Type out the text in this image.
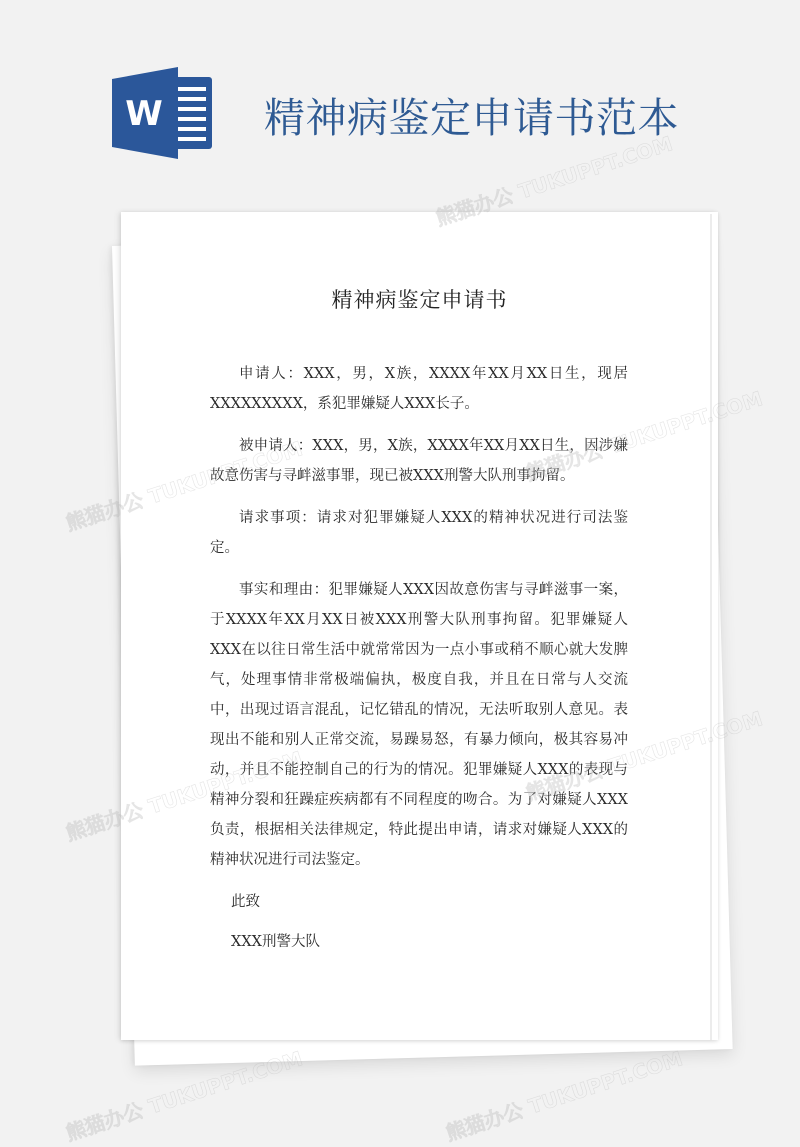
W 精神病鉴定申请书范本
精神病鉴定申请书

申请人：XXX，男，X族，XXXX年XX月XX日生，现居XXXXXXXXX，系犯罪嫌疑人XXX长子。

被申请人：XXX，男，X族，XXXX年XX月XX日生，因涉嫌故意伤害与寻衅滋事罪，现已被XXX刑警大队刑事拘留。

请求事项：请求对犯罪嫌疑人XXX的精神状况进行司法鉴定。

事实和理由：犯罪嫌疑人XXX因故意伤害与寻衅滋事一案，于XXXX年XX月XX日被XXX刑警大队刑事拘留。犯罪嫌疑人XXX在以往日常生活中就常常因为一点小事或稍不顺心就大发脾气，处理事情非常极端偏执，极度自我，并且在日常与人交流中，出现过语言混乱，记忆错乱的情况，无法听取别人意见。表现出不能和别人正常交流，易躁易怒，有暴力倾向，极其容易冲动，并且不能控制自己的行为的情况。犯罪嫌疑人XXX的表现与精神分裂和狂躁症疾病都有不同程度的吻合。为了对嫌疑人XXX负责，根据相关法律规定，特此提出申请，请求对嫌疑人XXX的精神状况进行司法鉴定。

此致
XXX刑警大队
熊猫办公 TUKUPPT.COM
熊猫办公
熊猫办公
熊猫办公 TUKUPPT.COM	熊猫办公 TUKUPPT.COM
